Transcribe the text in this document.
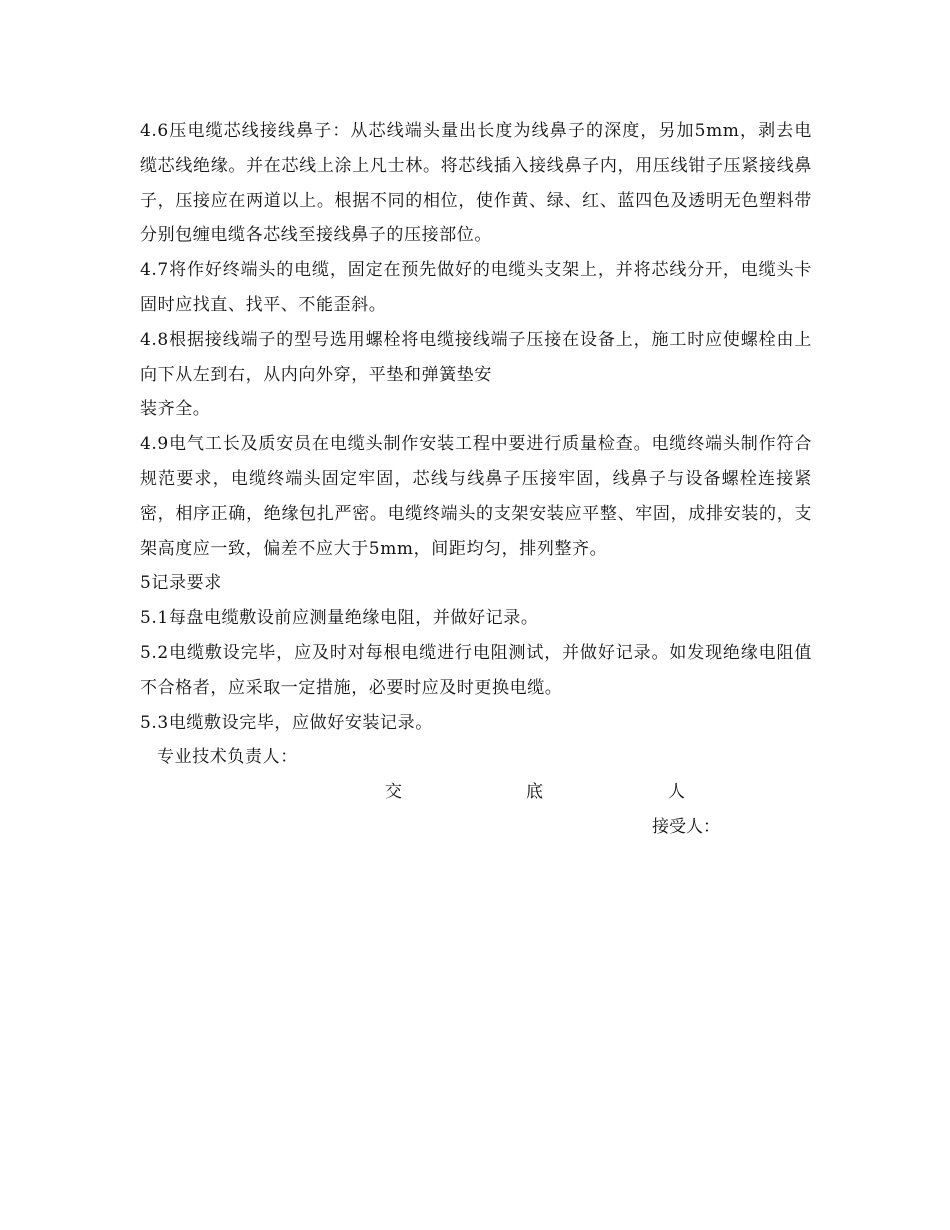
4.6压电缆芯线接线鼻子：从芯线端头量出长度为线鼻子的深度，另加5mm，剥去电缆芯线绝缘。并在芯线上涂上凡士林。将芯线插入接线鼻子内，用压线钳子压紧接线鼻子，压接应在两道以上。根据不同的相位，使作黄、绿、红、蓝四色及透明无色塑料带分别包缠电缆各芯线至接线鼻子的压接部位。

4.7将作好终端头的电缆，固定在预先做好的电缆头支架上，并将芯线分开，电缆头卡固时应找直、找平、不能歪斜。

4.8根据接线端子的型号选用螺栓将电缆接线端子压接在设备上，施工时应使螺栓由上向下从左到右，从内向外穿，平垫和弹簧垫安

装齐全。

4.9电气工长及质安员在电缆头制作安装工程中要进行质量检查。电缆终端头制作符合规范要求，电缆终端头固定牢固，芯线与线鼻子压接牢固，线鼻子与设备螺栓连接紧密，相序正确，绝缘包扎严密。电缆终端头的支架安装应平整、牢固，成排安装的，支架高度应一致，偏差不应大于5mm，间距均匀，排列整齐。

5记录要求

5.1每盘电缆敷设前应测量绝缘电阻，并做好记录。

5.2电缆敷设完毕，应及时对每根电缆进行电阻测试，并做好记录。如发现绝缘电阻值不合格者，应采取一定措施，必要时应及时更换电缆。

5.3电缆敷设完毕，应做好安装记录。

专业技术负责人：

交	底	人
接受人：
